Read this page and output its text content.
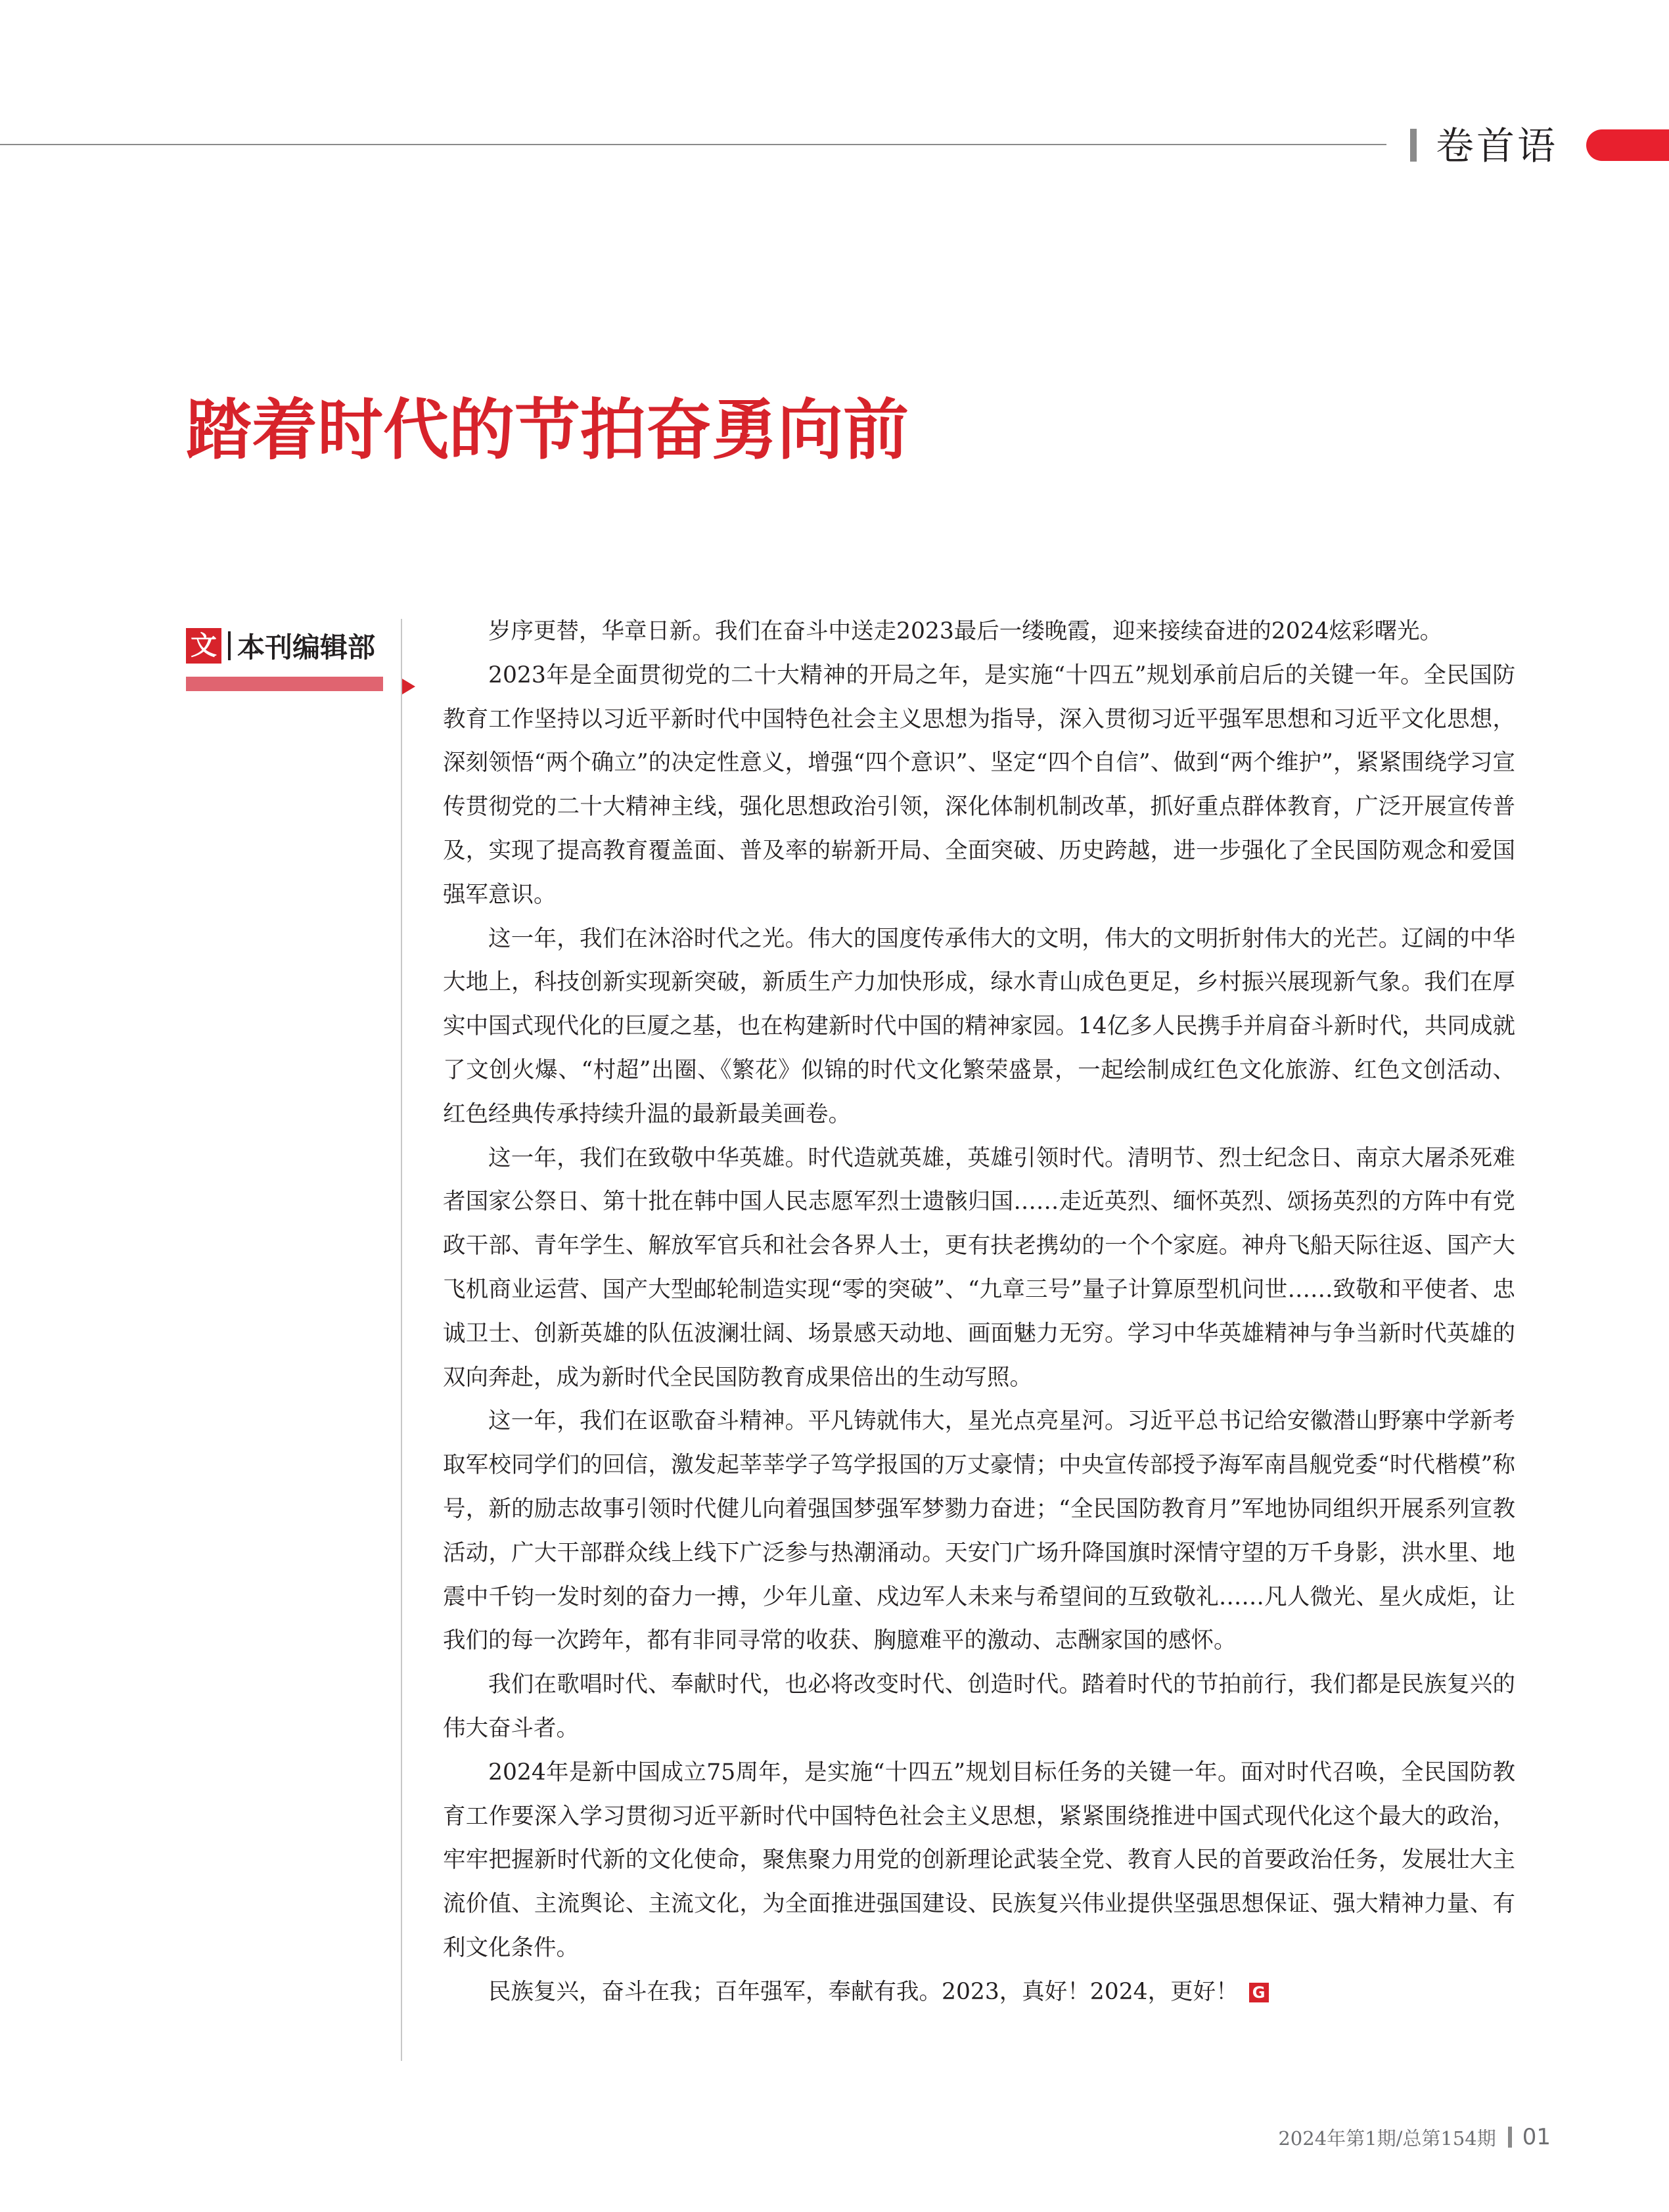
卷首语
踏着时代的节拍奋勇向前
文 本刊编辑部	岁序更替，华章日新。我们在奋斗中送走2023最后一缕晚霞，迎来接续奋进的2024炫彩曙光。

2023年是全面贯彻党的二十大精神的开局之年，是实施“十四五”规划承前启后的关键一年。全民国防教育工作坚持以习近平新时代中国特色社会主义思想为指导，深入贯彻习近平强军思想和习近平文化思想，深刻领悟“两个确立”的决定性意义，增强“四个意识”、坚定“四个自信”、做到“两个维护”，紧紧围绕学习宣传贯彻党的二十大精神主线，强化思想政治引领，深化体制机制改革，抓好重点群体教育，广泛开展宣传普及，实现了提高教育覆盖面、普及率的崭新开局、全面突破、历史跨越，进一步强化了全民国防观念和爱国强军意识。

这一年，我们在沐浴时代之光。伟大的国度传承伟大的文明，伟大的文明折射伟大的光芒。辽阔的中华大地上，科技创新实现新突破，新质生产力加快形成，绿水青山成色更足，乡村振兴展现新气象。我们在厚实中国式现代化的巨厦之基，也在构建新时代中国的精神家园。14亿多人民携手并肩奋斗新时代，共同成就了文创火爆、“村超”出圈、《繁花》似锦的时代文化繁荣盛景，一起绘制成红色文化旅游、红色文创活动、红色经典传承持续升温的最新最美画卷。

这一年，我们在致敬中华英雄。时代造就英雄，英雄引领时代。清明节、烈士纪念日、南京大屠杀死难者国家公祭日、第十批在韩中国人民志愿军烈士遗骸归国……走近英烈、缅怀英烈、颂扬英烈的方阵中有党政干部、青年学生、解放军官兵和社会各界人士，更有扶老携幼的一个个家庭。神舟飞船天际往返、国产大飞机商业运营、国产大型邮轮制造实现“零的突破”、“九章三号”量子计算原型机问世……致敬和平使者、忠诚卫士、创新英雄的队伍波澜壮阔、场景感天动地、画面魅力无穷。学习中华英雄精神与争当新时代英雄的双向奔赴，成为新时代全民国防教育成果倍出的生动写照。

这一年，我们在讴歌奋斗精神。平凡铸就伟大，星光点亮星河。习近平总书记给安徽潜山野寨中学新考取军校同学们的回信，激发起莘莘学子笃学报国的万丈豪情；中央宣传部授予海军南昌舰党委“时代楷模”称号，新的励志故事引领时代健儿向着强国梦强军梦勠力奋进；“全民国防教育月”军地协同组织开展系列宣教活动，广大干部群众线上线下广泛参与热潮涌动。天安门广场升降国旗时深情守望的万千身影，洪水里、地震中千钧一发时刻的奋力一搏，少年儿童、戍边军人未来与希望间的互致敬礼……凡人微光、星火成炬，让我们的每一次跨年，都有非同寻常的收获、胸臆难平的激动、志酬家国的感怀。

我们在歌唱时代、奉献时代，也必将改变时代、创造时代。踏着时代的节拍前行，我们都是民族复兴的伟大奋斗者。

2024年是新中国成立75周年，是实施“十四五”规划目标任务的关键一年。面对时代召唤，全民国防教育工作要深入学习贯彻习近平新时代中国特色社会主义思想，紧紧围绕推进中国式现代化这个最大的政治，牢牢把握新时代新的文化使命，聚焦聚力用党的创新理论武装全党、教育人民的首要政治任务，发展壮大主流价值、主流舆论、主流文化，为全面推进强国建设、民族复兴伟业提供坚强思想保证、强大精神力量、有利文化条件。

民族复兴，奋斗在我；百年强军，奉献有我。2023，真好！2024，更好！ G

2024年第1期/总第154期 01
